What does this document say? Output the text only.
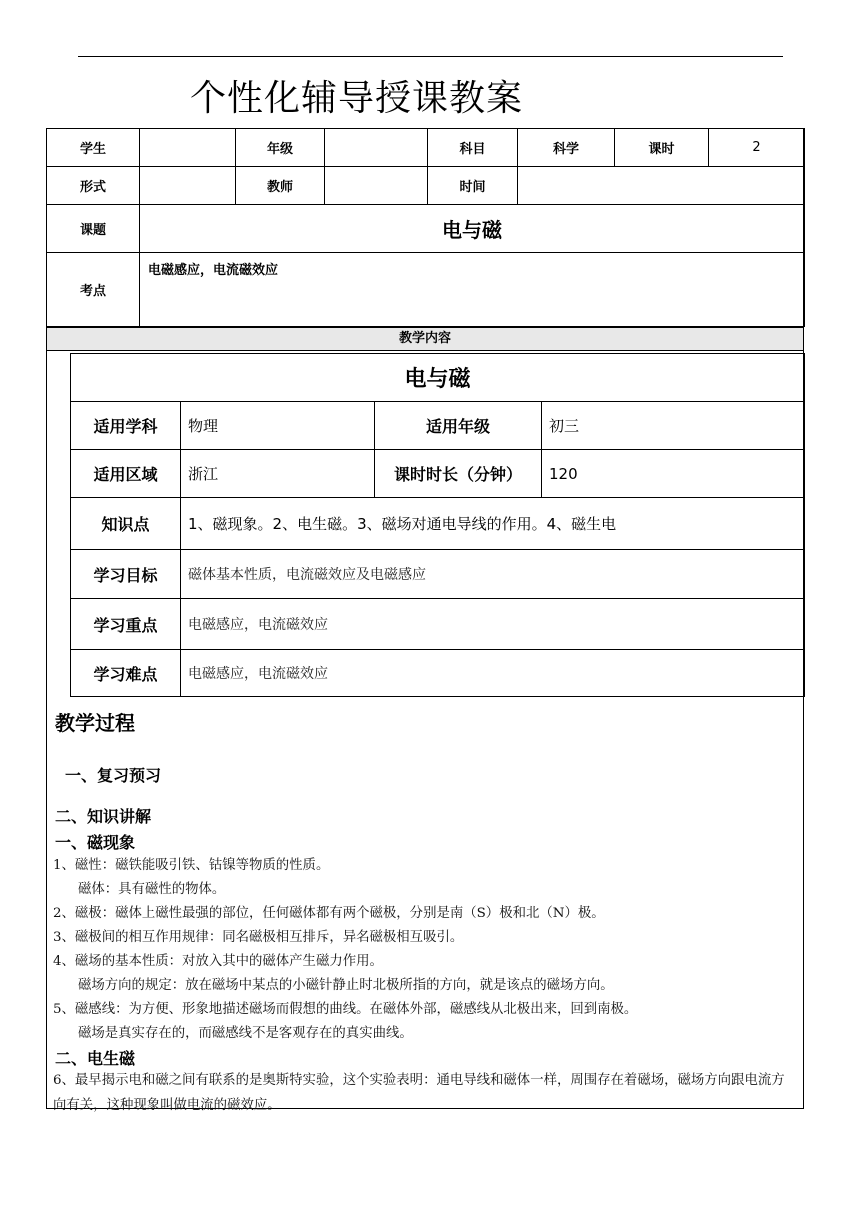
个性化辅导授课教案
学生		年级		科目	科学	课时	2
形式		教师		时间			
课题	电与磁						
考点	电磁感应，电流磁效应						
教学内容
电与磁			
适用学科	物理	适用年级	初三
适用区域	浙江	课时时长（分钟）	120
知识点	1、磁现象。2、电生磁。3、磁场对通电导线的作用。4、磁生电		
学习目标	磁体基本性质，电流磁效应及电磁感应		
学习重点	电磁感应，电流磁效应		
学习难点	电磁感应，电流磁效应		
教学过程
一、复习预习
二、知识讲解
一、磁现象
1、磁性：磁铁能吸引铁、钴镍等物质的性质。
磁体：具有磁性的物体。
2、磁极：磁体上磁性最强的部位，任何磁体都有两个磁极，分别是南（S）极和北（N）极。
3、磁极间的相互作用规律：同名磁极相互排斥，异名磁极相互吸引。
4、磁场的基本性质：对放入其中的磁体产生磁力作用。
磁场方向的规定：放在磁场中某点的小磁针静止时北极所指的方向，就是该点的磁场方向。
5、磁感线：为方便、形象地描述磁场而假想的曲线。在磁体外部，磁感线从北极出来，回到南极。
磁场是真实存在的，而磁感线不是客观存在的真实曲线。
二、电生磁
6、最早揭示电和磁之间有联系的是奥斯特实验，这个实验表明：通电导线和磁体一样，周围存在着磁场，磁场方向跟电流方向有关，这种现象叫做电流的磁效应。
